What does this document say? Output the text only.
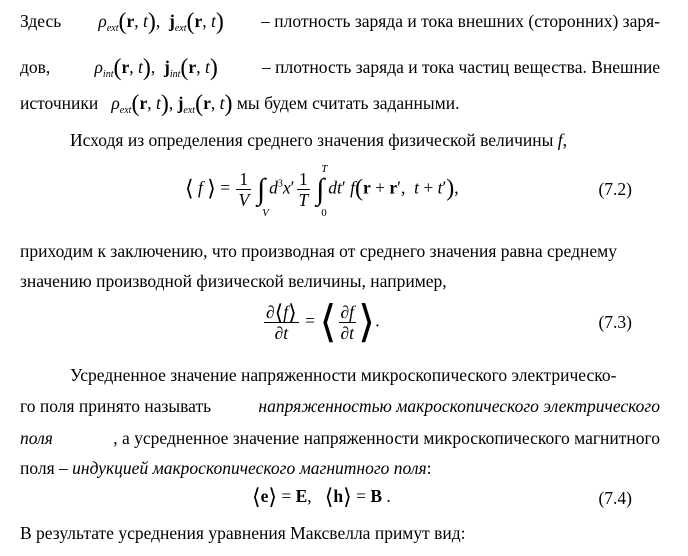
Здесь $\rho_{ext}(r$, t),  $j_{ext}(r$, t) – плотность заряда и тока внешних (сторонних) заря-
дов,	$\rho_{int}(r$, t),  $j_{int}(r$, t)	– плотность заряда и тока частиц вещества. Внешние
источники $\rho_{ext}(r$, t), $j_{ext}(r$, t) мы будем считать заданными.
Исходя из определения среднего значения физической величины f,
⟨ f ⟩ = $\frac{1}{V}$ ∫
V
$d^3x' \frac{1}{T}$ ∫
T
0
dt′ f(r + r′,  t + t′),	(7.2)
приходим к заключению, что производная от среднего значения равна среднему
значению производной физической величины, например,
$\frac{\partial⟨f⟩}{\partial t}$ = ⟨ $\frac{\partial f}{\partial t}$ ⟩.	(7.3)
Усредненное значение напряженности микроскопического электрическо-
го поля принято называть	напряженностью макроскопического электрического
поля	, а усредненное значение напряженности микроскопического магнитного
поля – индукцией макроскопического магнитного поля:
⟨e⟩ = E,   ⟨h⟩ = B .	(7.4)
В результате усреднения уравнения Максвелла примут вид:
